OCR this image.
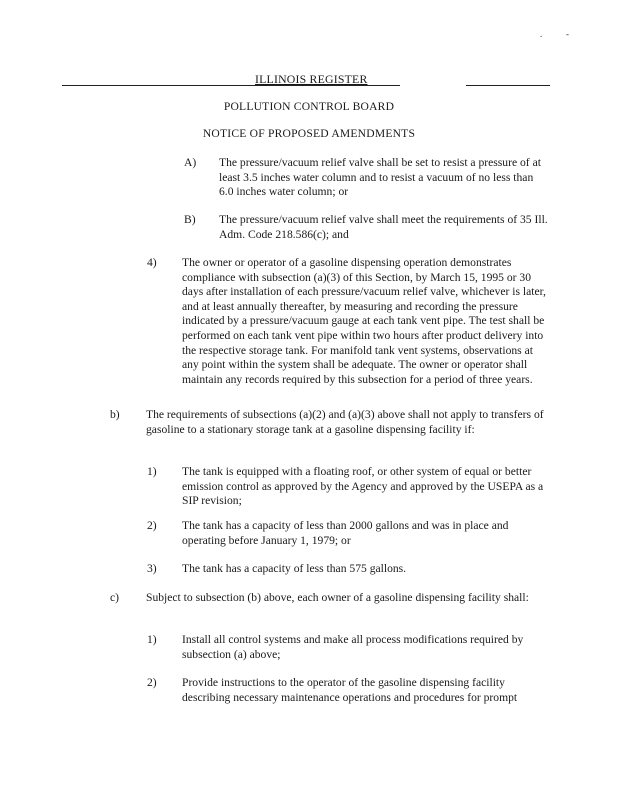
.	-
ILLINOIS REGISTER
POLLUTION CONTROL BOARD
NOTICE OF PROPOSED AMENDMENTS
A) The pressure/vacuum relief valve shall be set to resist a pressure of at least 3.5 inches water column and to resist a vacuum of no less than 6.0 inches water column; or
B) The pressure/vacuum relief valve shall meet the requirements of 35 Ill. Adm. Code 218.586(c); and
4) The owner or operator of a gasoline dispensing operation demonstrates compliance with subsection (a)(3) of this Section, by March 15, 1995 or 30 days after installation of each pressure/vacuum relief valve, whichever is later, and at least annually thereafter, by measuring and recording the pressure indicated by a pressure/vacuum gauge at each tank vent pipe. The test shall be performed on each tank vent pipe within two hours after product delivery into the respective storage tank. For manifold tank vent systems, observations at any point within the system shall be adequate. The owner or operator shall maintain any records required by this subsection for a period of three years.
b) The requirements of subsections (a)(2) and (a)(3) above shall not apply to transfers of gasoline to a stationary storage tank at a gasoline dispensing facility if:
1) The tank is equipped with a floating roof, or other system of equal or better emission control as approved by the Agency and approved by the USEPA as a SIP revision;
2) The tank has a capacity of less than 2000 gallons and was in place and operating before January 1, 1979; or
3) The tank has a capacity of less than 575 gallons.
c) Subject to subsection (b) above, each owner of a gasoline dispensing facility shall:
1) Install all control systems and make all process modifications required by subsection (a) above;
2) Provide instructions to the operator of the gasoline dispensing facility describing necessary maintenance operations and procedures for prompt
